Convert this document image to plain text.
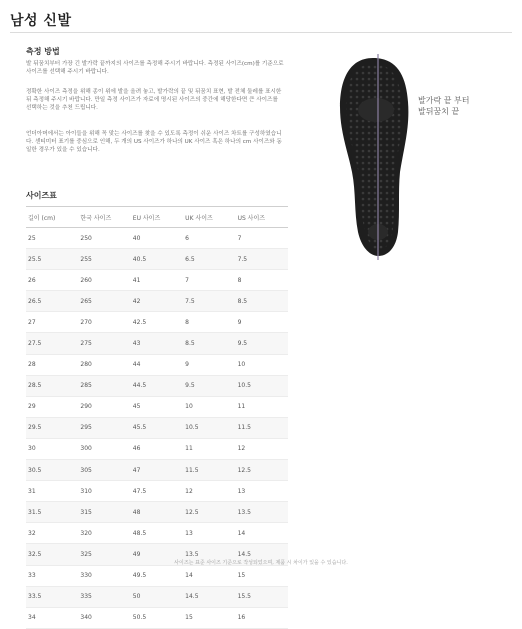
남성 신발
측정 방법
발 뒤꿈치부터 가장 긴 발가락 끝까지의 사이즈를 측정해 주시기 바랍니다. 측정된 사이즈(cm)를 기준으로 사이즈를 선택해 주시기 바랍니다.
정확한 사이즈 측정을 위해 종이 위에 발을 올려 놓고, 발가락의 끝 및 뒤꿈치 표현, 발 전체 둘레를 표시한 뒤 측정해 주시기 바랍니다. 만일 측정 사이즈가 자료에 명시된 사이즈의 중간에 해당한다면 큰 사이즈를 선택하는 것을 추천 드립니다.
언더아머에서는 아이들을 위해 꼭 맞는 사이즈를 찾을 수 있도록 측정이 쉬운 사이즈 차트를 구성하였습니다. 센티미터 표기를 중심으로 인해, 두 개의 US 사이즈가 하나의 UK 사이즈 혹은 하나의 cm 사이즈와 동일한 경우가 있을 수 있습니다.
발가락 끝 부터
발뒤꿈치 끝
사이즈표
길이 (cm)	한국 사이즈	EU 사이즈	UK 사이즈	US 사이즈
25	250	40	6	7
25.5	255	40.5	6.5	7.5
26	260	41	7	8
26.5	265	42	7.5	8.5
27	270	42.5	8	9
27.5	275	43	8.5	9.5
28	280	44	9	10
28.5	285	44.5	9.5	10.5
29	290	45	10	11
29.5	295	45.5	10.5	11.5
30	300	46	11	12
30.5	305	47	11.5	12.5
31	310	47.5	12	13
31.5	315	48	12.5	13.5
32	320	48.5	13	14
32.5	325	49	13.5	14.5
33	330	49.5	14	15
33.5	335	50	14.5	15.5
34	340	50.5	15	16
사이즈는 표준 사이즈 기준으로 작성되었으며, 제품 시 차이가 있을 수 있습니다.
